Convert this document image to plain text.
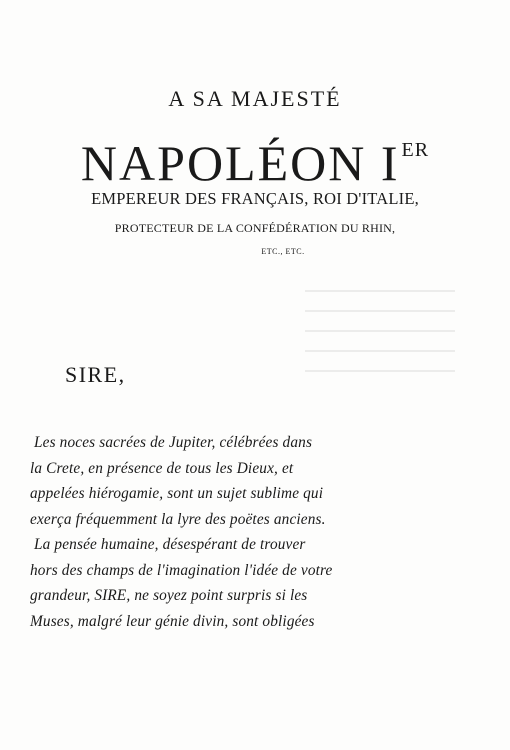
A SA MAJESTÉ
NAPOLÉON I $^{ER}$
EMPEREUR DES FRANÇAIS, ROI D'ITALIE,
PROTECTEUR DE LA CONFÉDÉRATION DU RHIN,
ETC., ETC.
SIRE,
Les noces sacrées de Jupiter, célébrées dans
la Crete, en présence de tous les Dieux, et
appelées hiérogamie, sont un sujet sublime qui
exerça fréquemment la lyre des poëtes anciens.
La pensée humaine, désespérant de trouver
hors des champs de l'imagination l'idée de votre
grandeur, SIRE, ne soyez point surpris si les
Muses, malgré leur génie divin, sont obligées
